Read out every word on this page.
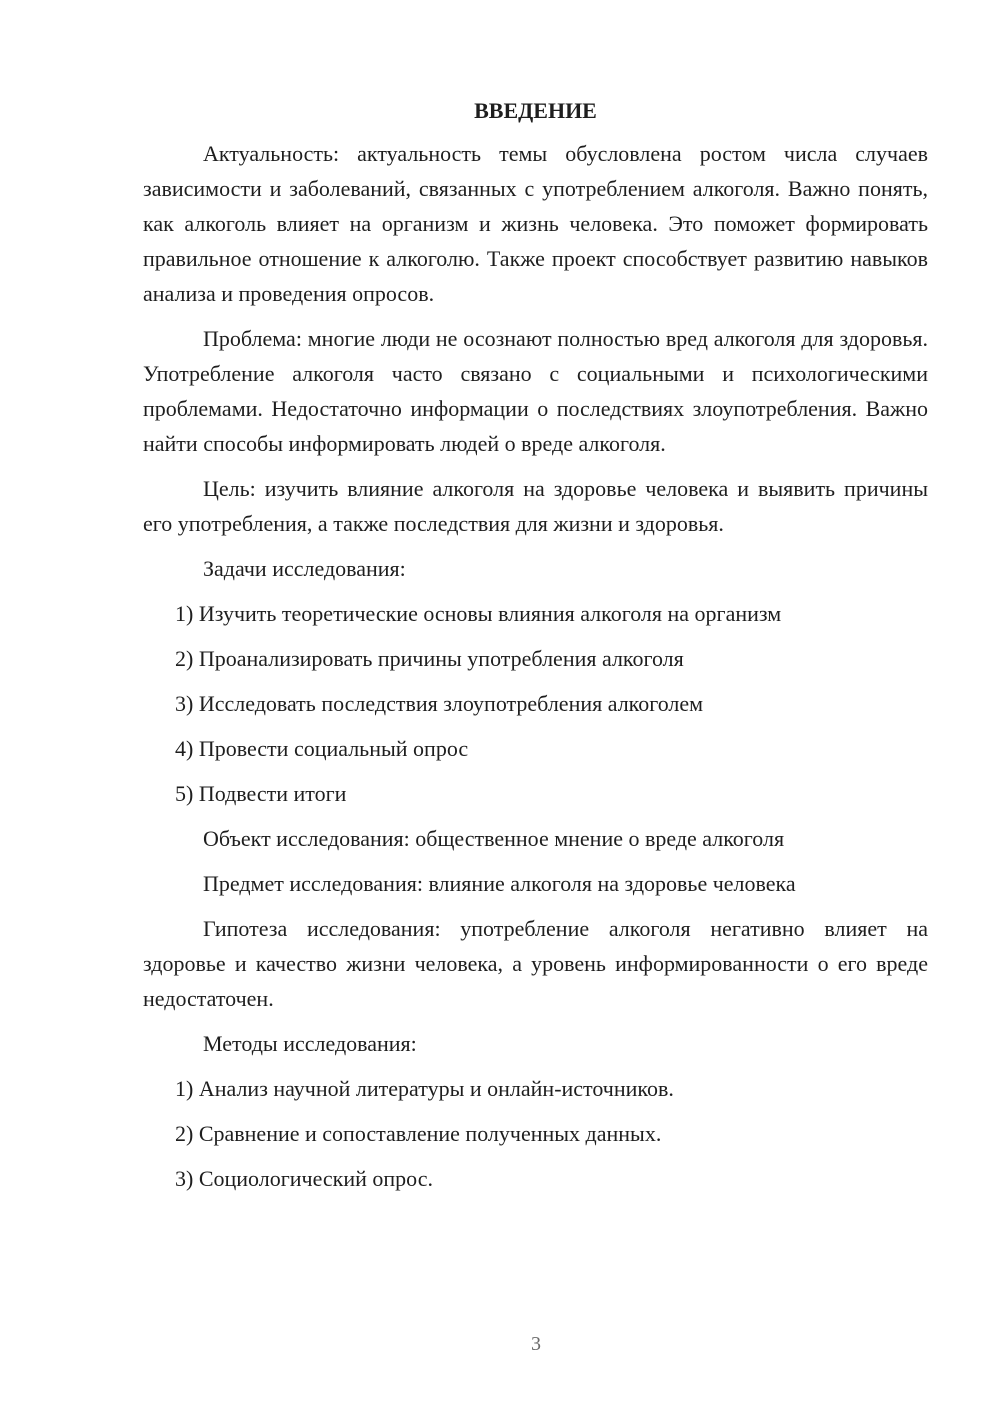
ВВЕДЕНИЕ

Актуальность: актуальность темы обусловлена ростом числа случаев зависимости и заболеваний, связанных с употреблением алкоголя. Важно понять, как алкоголь влияет на организм и жизнь человека. Это поможет формировать правильное отношение к алкоголю. Также проект способствует развитию навыков анализа и проведения опросов.

Проблема: многие люди не осознают полностью вред алкоголя для здоровья. Употребление алкоголя часто связано с социальными и психологическими проблемами. Недостаточно информации о последствиях злоупотребления. Важно найти способы информировать людей о вреде алкоголя.

Цель: изучить влияние алкоголя на здоровье человека и выявить причины его употребления, а также последствия для жизни и здоровья.

Задачи исследования:

1) Изучить теоретические основы влияния алкоголя на организм

2) Проанализировать причины употребления алкоголя

3) Исследовать последствия злоупотребления алкоголем

4) Провести социальный опрос

5) Подвести итоги

Объект исследования: общественное мнение о вреде алкоголя

Предмет исследования: влияние алкоголя на здоровье человека

Гипотеза исследования: употребление алкоголя негативно влияет на здоровье и качество жизни человека, а уровень информированности о его вреде недостаточен.

Методы исследования:

1) Анализ научной литературы и онлайн-источников.

2) Сравнение и сопоставление полученных данных.

3) Социологический опрос.

3
